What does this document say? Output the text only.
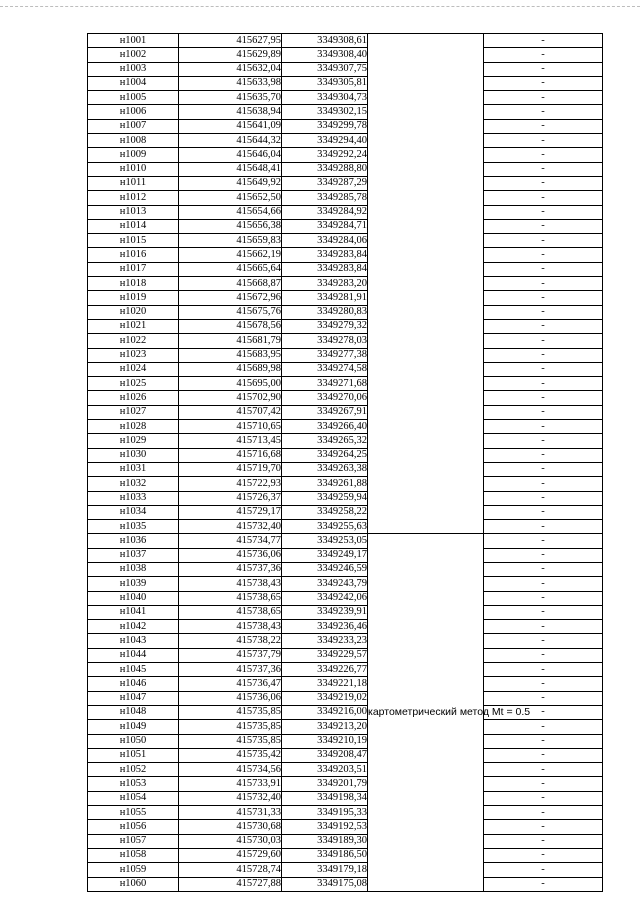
н1001	415627,95	3349308,61		-
н1002	415629,89	3349308,40		-
н1003	415632,04	3349307,75		-
н1004	415633,98	3349305,81		-
н1005	415635,70	3349304,73		-
н1006	415638,94	3349302,15		-
н1007	415641,09	3349299,78		-
н1008	415644,32	3349294,40		-
н1009	415646,04	3349292,24		-
н1010	415648,41	3349288,80		-
н1011	415649,92	3349287,29		-
н1012	415652,50	3349285,78		-
н1013	415654,66	3349284,92		-
н1014	415656,38	3349284,71		-
н1015	415659,83	3349284,06		-
н1016	415662,19	3349283,84		-
н1017	415665,64	3349283,84		-
н1018	415668,87	3349283,20		-
н1019	415672,96	3349281,91		-
н1020	415675,76	3349280,83		-
н1021	415678,56	3349279,32		-
н1022	415681,79	3349278,03		-
н1023	415683,95	3349277,38		-
н1024	415689,98	3349274,58		-
н1025	415695,00	3349271,68		-
н1026	415702,90	3349270,06		-
н1027	415707,42	3349267,91		-
н1028	415710,65	3349266,40		-
н1029	415713,45	3349265,32		-
н1030	415716,68	3349264,25		-
н1031	415719,70	3349263,38		-
н1032	415722,93	3349261,88		-
н1033	415726,37	3349259,94		-
н1034	415729,17	3349258,22		-
н1035	415732,40	3349255,63		-
н1036	415734,77	3349253,05	картометрический метод Mt = 0.5	-
н1037	415736,06	3349249,17		-
н1038	415737,36	3349246,59		-
н1039	415738,43	3349243,79		-
н1040	415738,65	3349242,06		-
н1041	415738,65	3349239,91		-
н1042	415738,43	3349236,46		-
н1043	415738,22	3349233,23		-
н1044	415737,79	3349229,57		-
н1045	415737,36	3349226,77		-
н1046	415736,47	3349221,18		-
н1047	415736,06	3349219,02		-
н1048	415735,85	3349216,00		-
н1049	415735,85	3349213,20		-
н1050	415735,85	3349210,19		-
н1051	415735,42	3349208,47		-
н1052	415734,56	3349203,51		-
н1053	415733,91	3349201,79		-
н1054	415732,40	3349198,34		-
н1055	415731,33	3349195,33		-
н1056	415730,68	3349192,53		-
н1057	415730,03	3349189,30		-
н1058	415729,60	3349186,50		-
н1059	415728,74	3349179,18		-
н1060	415727,88	3349175,08		-
